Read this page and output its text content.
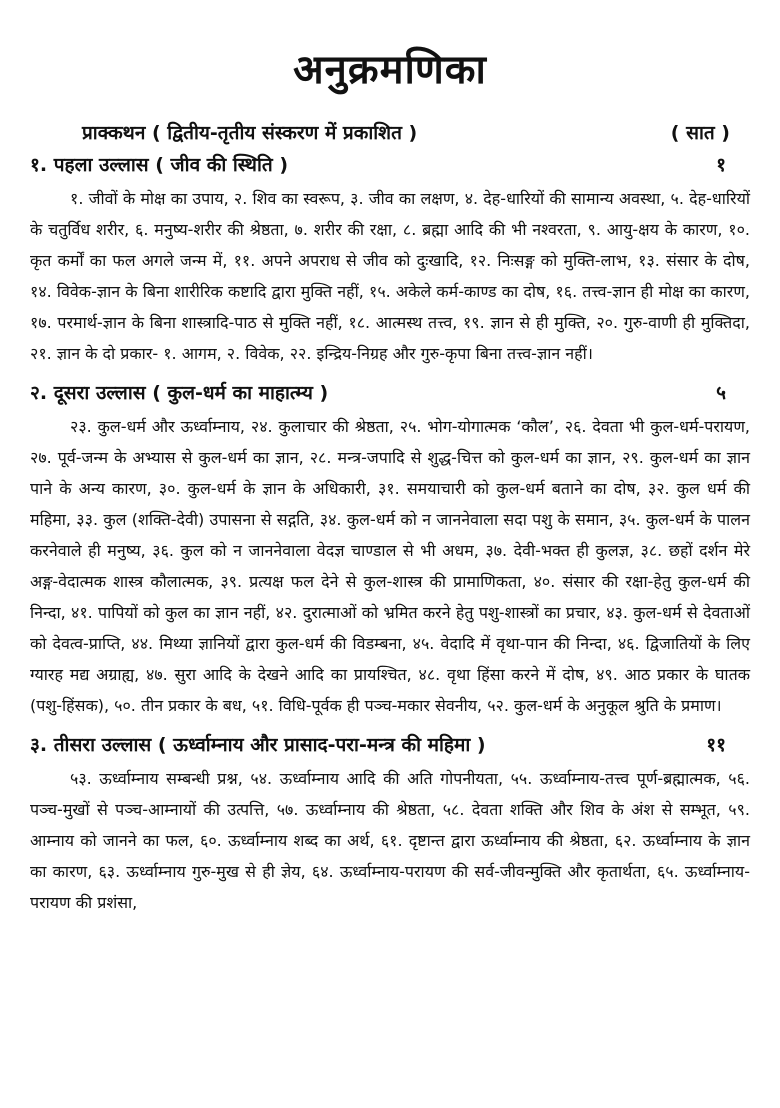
अनुक्रमणिका
प्राक्कथन ( द्वितीय-तृतीय संस्करण में प्रकाशित )	( सात )
१. पहला उल्लास ( जीव की स्थिति )	१

१. जीवों के मोक्ष का उपाय, २. शिव का स्वरूप, ३. जीव का लक्षण, ४. देह-धारियों की सामान्य अवस्था, ५. देह-धारियों के चतुर्विध शरीर, ६. मनुष्य-शरीर की श्रेष्ठता, ७. शरीर की रक्षा, ८. ब्रह्मा आदि की भी नश्वरता, ९. आयु-क्षय के कारण, १०. कृत कर्मों का फल अगले जन्म में, ११. अपने अपराध से जीव को दुःखादि, १२. निःसङ्ग को मुक्ति-लाभ, १३. संसार के दोष, १४. विवेक-ज्ञान के बिना शारीरिक कष्टादि द्वारा मुक्ति नहीं, १५. अकेले कर्म-काण्ड का दोष, १६. तत्त्व-ज्ञान ही मोक्ष का कारण, १७. परमार्थ-ज्ञान के बिना शास्त्रादि-पाठ से मुक्ति नहीं, १८. आत्मस्थ तत्त्व, १९. ज्ञान से ही मुक्ति, २०. गुरु-वाणी ही मुक्तिदा, २१. ज्ञान के दो प्रकार- १. आगम, २. विवेक, २२. इन्द्रिय-निग्रह और गुरु-कृपा बिना तत्त्व-ज्ञान नहीं।

२. दूसरा उल्लास ( कुल-धर्म का माहात्म्य )	५

२३. कुल-धर्म और ऊर्ध्वाम्नाय, २४. कुलाचार की श्रेष्ठता, २५. भोग-योगात्मक ‘कौल’, २६. देवता भी कुल-धर्म-परायण, २७. पूर्व-जन्म के अभ्यास से कुल-धर्म का ज्ञान, २८. मन्त्र-जपादि से शुद्ध-चित्त को कुल-धर्म का ज्ञान, २९. कुल-धर्म का ज्ञान पाने के अन्य कारण, ३०. कुल-धर्म के ज्ञान के अधिकारी, ३१. समयाचारी को कुल-धर्म बताने का दोष, ३२. कुल धर्म की महिमा, ३३. कुल (शक्ति-देवी) उपासना से सद्गति, ३४. कुल-धर्म को न जाननेवाला सदा पशु के समान, ३५. कुल-धर्म के पालन करनेवाले ही मनुष्य, ३६. कुल को न जाननेवाला वेदज्ञ चाण्डाल से भी अधम, ३७. देवी-भक्त ही कुलज्ञ, ३८. छहों दर्शन मेरे अङ्ग-वेदात्मक शास्त्र कौलात्मक, ३९. प्रत्यक्ष फल देने से कुल-शास्त्र की प्रामाणिकता, ४०. संसार की रक्षा-हेतु कुल-धर्म की निन्दा, ४१. पापियों को कुल का ज्ञान नहीं, ४२. दुरात्माओं को भ्रमित करने हेतु पशु-शास्त्रों का प्रचार, ४३. कुल-धर्म से देवताओं को देवत्व-प्राप्ति, ४४. मिथ्या ज्ञानियों द्वारा कुल-धर्म की विडम्बना, ४५. वेदादि में वृथा-पान की निन्दा, ४६. द्विजातियों के लिए ग्यारह मद्य अग्राह्य, ४७. सुरा आदि के देखने आदि का प्रायश्चित, ४८. वृथा हिंसा करने में दोष, ४९. आठ प्रकार के घातक (पशु-हिंसक), ५०. तीन प्रकार के बध, ५१. विधि-पूर्वक ही पञ्च-मकार सेवनीय, ५२. कुल-धर्म के अनुकूल श्रुति के प्रमाण।

३. तीसरा उल्लास ( ऊर्ध्वाम्नाय और प्रासाद-परा-मन्त्र की महिमा )	११

५३. ऊर्ध्वाम्नाय सम्बन्धी प्रश्न, ५४. ऊर्ध्वाम्नाय आदि की अति गोपनीयता, ५५. ऊर्ध्वाम्नाय-तत्त्व पूर्ण-ब्रह्मात्मक, ५६. पञ्च-मुखों से पञ्च-आम्नायों की उत्पत्ति, ५७. ऊर्ध्वाम्नाय की श्रेष्ठता, ५८. देवता शक्ति और शिव के अंश से सम्भूत, ५९. आम्नाय को जानने का फल, ६०. ऊर्ध्वाम्नाय शब्द का अर्थ, ६१. दृष्टान्त द्वारा ऊर्ध्वाम्नाय की श्रेष्ठता, ६२. ऊर्ध्वाम्नाय के ज्ञान का कारण, ६३. ऊर्ध्वाम्नाय गुरु-मुख से ही ज्ञेय, ६४. ऊर्ध्वाम्नाय-परायण की सर्व-जीवन्मुक्ति और कृतार्थता, ६५. ऊर्ध्वाम्नाय-परायण की प्रशंसा,
